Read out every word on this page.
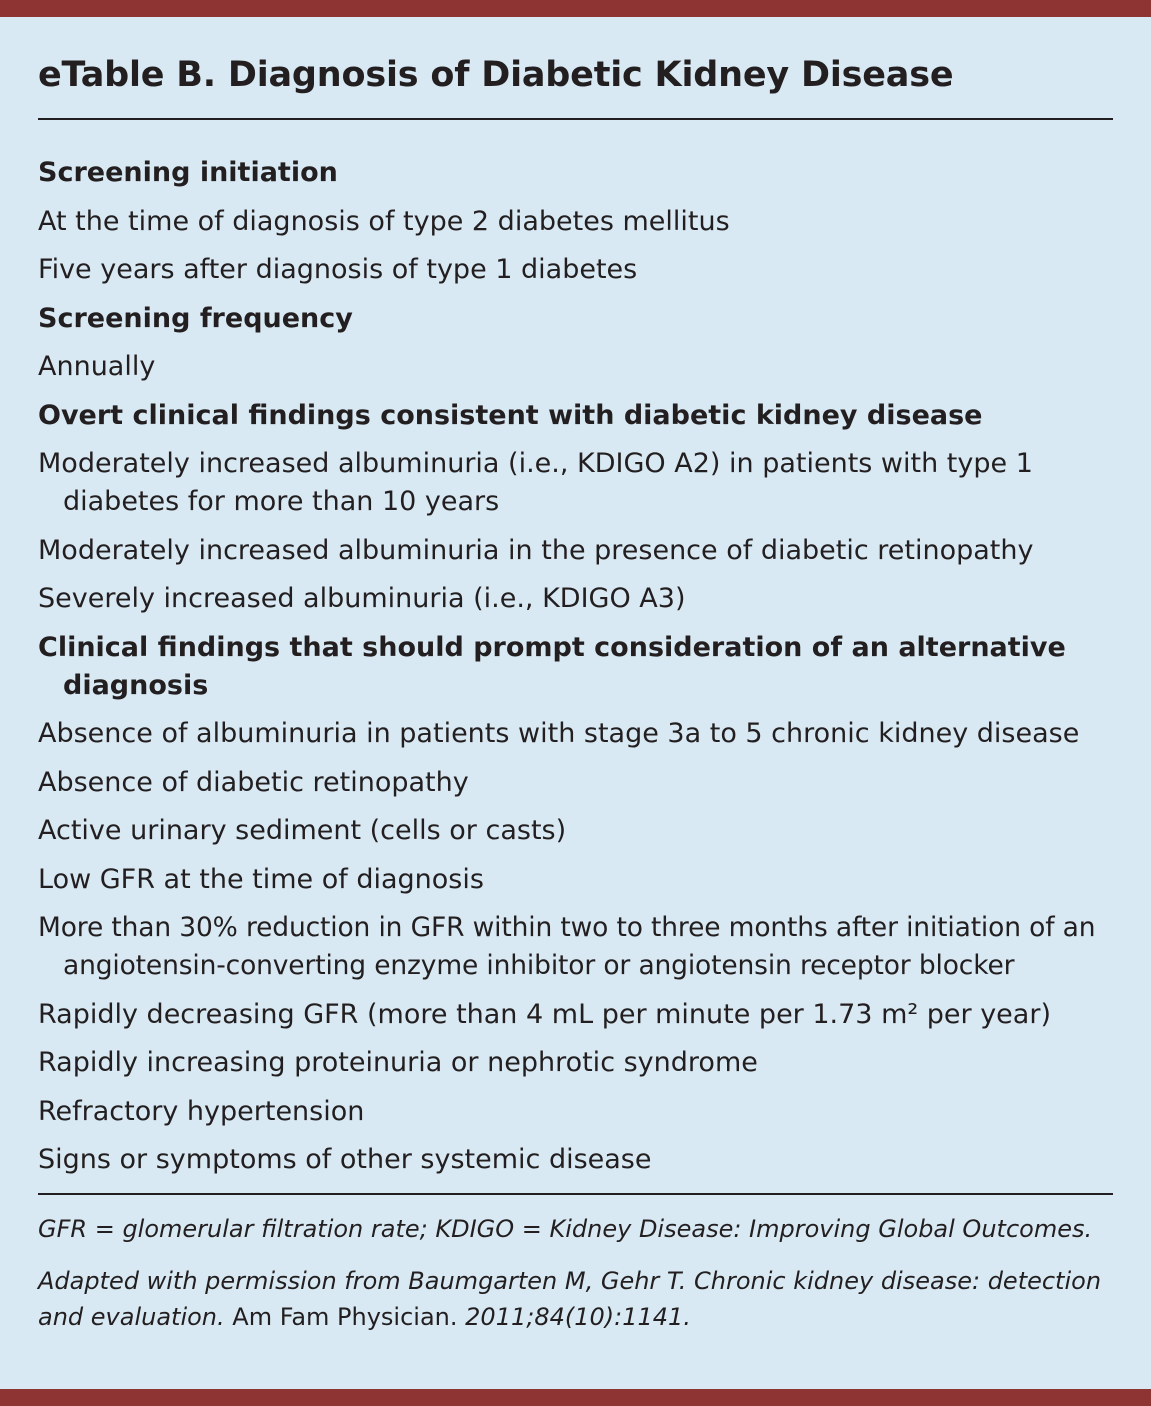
eTable B. Diagnosis of Diabetic Kidney Disease
Screening initiation
At the time of diagnosis of type 2 diabetes mellitus
Five years after diagnosis of type 1 diabetes
Screening frequency
Annually
Overt clinical findings consistent with diabetic kidney disease
Moderately increased albuminuria (i.e., KDIGO A2) in patients with type 1 diabetes for more than 10 years
Moderately increased albuminuria in the presence of diabetic retinopathy
Severely increased albuminuria (i.e., KDIGO A3)
Clinical findings that should prompt consideration of an alternative diagnosis
Absence of albuminuria in patients with stage 3a to 5 chronic kidney disease
Absence of diabetic retinopathy
Active urinary sediment (cells or casts)
Low GFR at the time of diagnosis
More than 30% reduction in GFR within two to three months after initiation of an angiotensin-converting enzyme inhibitor or angiotensin receptor blocker
Rapidly decreasing GFR (more than 4 mL per minute per 1.73 m² per year)
Rapidly increasing proteinuria or nephrotic syndrome
Refractory hypertension
Signs or symptoms of other systemic disease

GFR = glomerular filtration rate; KDIGO = Kidney Disease: Improving Global Outcomes.

Adapted with permission from Baumgarten M, Gehr T. Chronic kidney disease: detection and evaluation. Am Fam Physician. 2011;84(10):1141.
